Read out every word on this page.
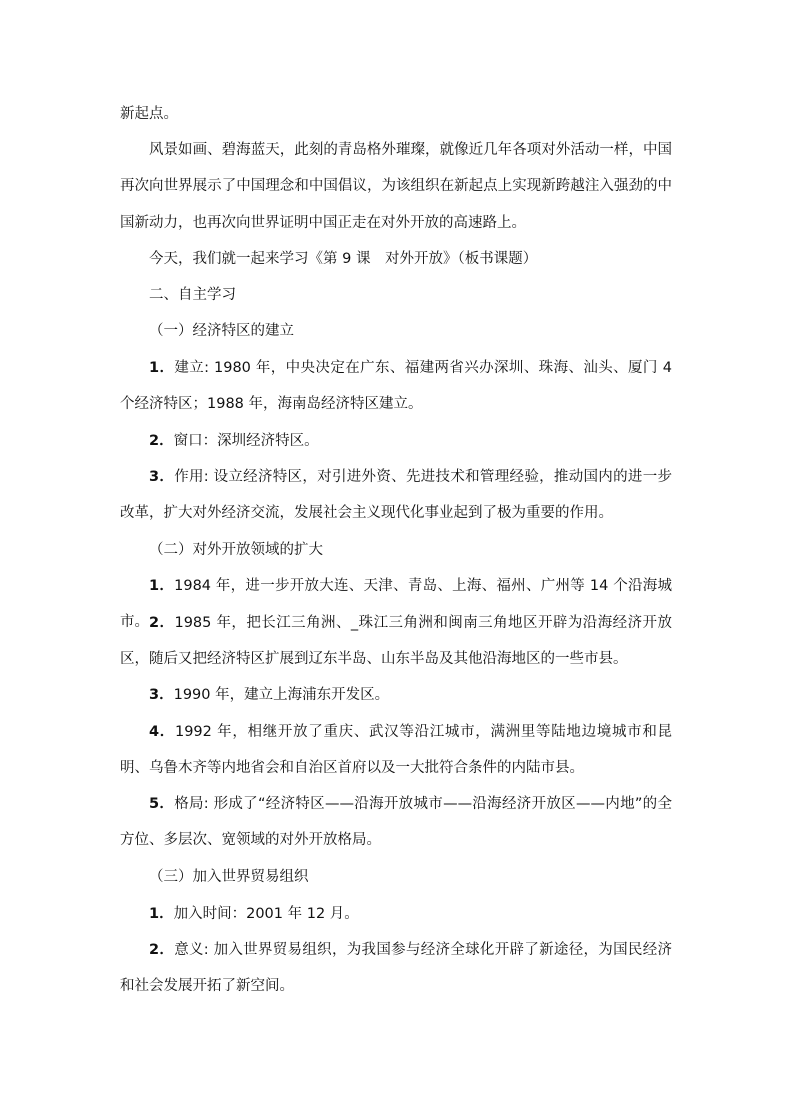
新起点。

风景如画、碧海蓝天，此刻的青岛格外璀璨，就像近几年各项对外活动一样，中国再次向世界展示了中国理念和中国倡议，为该组织在新起点上实现新跨越注入强劲的中国新动力，也再次向世界证明中国正走在对外开放的高速路上。

今天，我们就一起来学习《第 9 课　对外开放》（板书课题）

二、自主学习

（一）经济特区的建立

1．建立: 1980 年，中央决定在广东、福建两省兴办深圳、珠海、汕头、厦门 4 个经济特区；1988 年，海南岛经济特区建立。

2．窗口：深圳经济特区。

3．作用: 设立经济特区，对引进外资、先进技术和管理经验，推动国内的进一步改革，扩大对外经济交流，发展社会主义现代化事业起到了极为重要的作用。

（二）对外开放领域的扩大

1．1984 年，进一步开放大连、天津、青岛、上海、福州、广州等 14 个沿海城市。 2．1985 年，把长江三角洲、_珠江三角洲和闽南三角地区开辟为沿海经济开放区，随后又把经济特区扩展到辽东半岛、山东半岛及其他沿海地区的一些市县。

3．1990 年，建立上海浦东开发区。

4．1992 年，相继开放了重庆、武汉等沿江城市，满洲里等陆地边境城市和昆明、乌鲁木齐等内地省会和自治区首府以及一大批符合条件的内陆市县。

5．格局: 形成了“经济特区——沿海开放城市——沿海经济开放区——内地”的全方位、多层次、宽领域的对外开放格局。

（三）加入世界贸易组织

1．加入时间：2001 年 12 月。

2．意义: 加入世界贸易组织，为我国参与经济全球化开辟了新途径，为国民经济和社会发展开拓了新空间。
